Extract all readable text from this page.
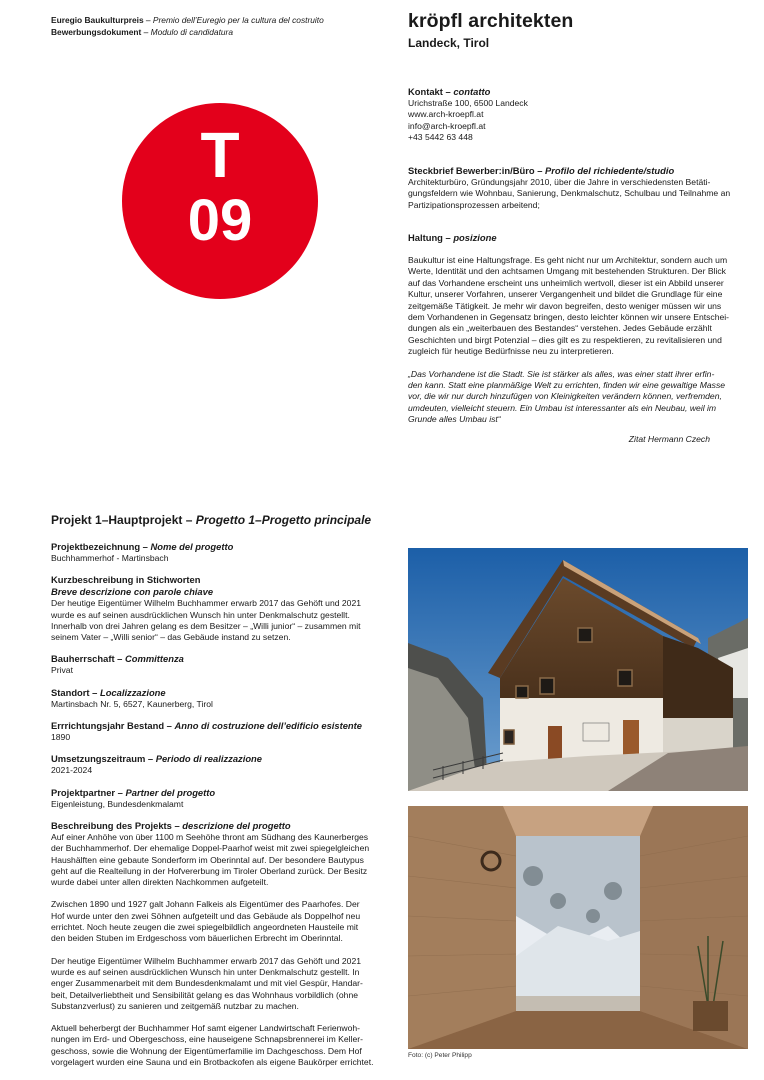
Euregio Baukulturpreis – Premio dell’Euregio per la cultura del costruito
Bewerbungsdokument – Modulo di candidatura
T
09
kröpfl architekten
Landeck, Tirol
Kontakt – contatto
Urichstraße 100, 6500 Landeck
www.arch-kroepfl.at
info@arch-kroepfl.at
+43 5442 63 448
Steckbrief Bewerber:in/Büro – Profilo del richiedente/studio
Architekturbüro, Gründungsjahr 2010, über die Jahre in verschiedensten Betäti-
gungsfeldern wie Wohnbau, Sanierung, Denkmalschutz, Schulbau und Teilnahme an
Partizipationsprozessen arbeitend;
Haltung – posizione
Baukultur ist eine Haltungsfrage. Es geht nicht nur um Architektur, sondern auch um
Werte, Identität und den achtsamen Umgang mit bestehenden Strukturen. Der Blick
auf das Vorhandene erscheint uns unheimlich wertvoll, dieser ist ein Abbild unserer
Kultur, unserer Vorfahren, unserer Vergangenheit und bildet die Grundlage für eine
zeitgemäße Tätigkeit. Je mehr wir davon begreifen, desto weniger müssen wir uns
dem Vorhandenen in Gegensatz bringen, desto leichter können wir unsere Entschei-
dungen als ein „weiterbauen des Bestandes“ verstehen. Jedes Gebäude erzählt
Geschichten und birgt Potenzial – dies gilt es zu respektieren, zu revitalisieren und
zugleich für heutige Bedürfnisse neu zu interpretieren.
„Das Vorhandene ist die Stadt. Sie ist stärker als alles, was einer statt ihrer erfin-
den kann. Statt eine planmäßige Welt zu errichten, finden wir eine gewaltige Masse
vor, die wir nur durch hinzufügen von Kleinigkeiten verändern können, verfremden,
umdeuten, vielleicht steuern. Ein Umbau ist interessanter als ein Neubau, weil im
Grunde alles Umbau ist“
Zitat Hermann Czech
Projekt 1–Hauptprojekt – Progetto 1–Progetto principale
Projektbezeichnung – Nome del progetto
Buchhammerhof - Martinsbach
Kurzbeschreibung in Stichworten
Breve descrizione con parole chiave
Der heutige Eigentümer Wilhelm Buchhammer erwarb 2017 das Gehöft und 2021
wurde es auf seinen ausdrücklichen Wunsch hin unter Denkmalschutz gestellt.
Innerhalb von drei Jahren gelang es dem Besitzer – „Willi junior“ – zusammen mit
seinem Vater – „Willi senior“ – das Gebäude instand zu setzen.
Bauherrschaft – Committenza
Privat
Standort – Localizzazione
Martinsbach Nr. 5, 6527, Kaunerberg, Tirol
Errrichtungsjahr Bestand – Anno di costruzione dell’edificio esistente
1890
Umsetzungszeitraum – Periodo di realizzazione
2021-2024
Projektpartner – Partner del progetto
Eigenleistung, Bundesdenkmalamt
Beschreibung des Projekts – descrizione del progetto
Auf einer Anhöhe von über 1100 m Seehöhe thront am Südhang des Kaunerberges
der Buchhammerhof. Der ehemalige Doppel-Paarhof weist mit zwei spiegelgleichen
Haushälften eine gebaute Sonderform im Oberinntal auf. Der besondere Bautypus
geht auf die Realteilung in der Hofvererbung im Tiroler Oberland zurück. Der Besitz
wurde dabei unter allen direkten Nachkommen aufgeteilt.
Zwischen 1890 und 1927 galt Johann Falkeis als Eigentümer des Paarhofes. Der
Hof wurde unter den zwei Söhnen aufgeteilt und das Gebäude als Doppelhof neu
errichtet. Noch heute zeugen die zwei spiegelbildlich angeordneten Hausteile mit
den beiden Stuben im Erdgeschoss vom bäuerlichen Erbrecht im Oberinntal.
Der heutige Eigentümer Wilhelm Buchhammer erwarb 2017 das Gehöft und 2021
wurde es auf seinen ausdrücklichen Wunsch hin unter Denkmalschutz gestellt. In
enger Zusammenarbeit mit dem Bundesdenkmalamt und mit viel Gespür, Handar-
beit, Detailverliebtheit und Sensibilität gelang es das Wohnhaus vorbildlich (ohne
Substanzverlust) zu sanieren und zeitgemäß nutzbar zu machen.
Aktuell beherbergt der Buchhammer Hof samt eigener Landwirtschaft Ferienwoh-
nungen im Erd- und Obergeschoss, eine hauseigene Schnapsbrennerei im Keller-
geschoss, sowie die Wohnung der Eigentümerfamilie im Dachgeschoss. Dem Hof
vorgelagert wurden eine Sauna und ein Brotbackofen als eigene Baukörper errichtet.
Foto: (c) Peter Philipp
